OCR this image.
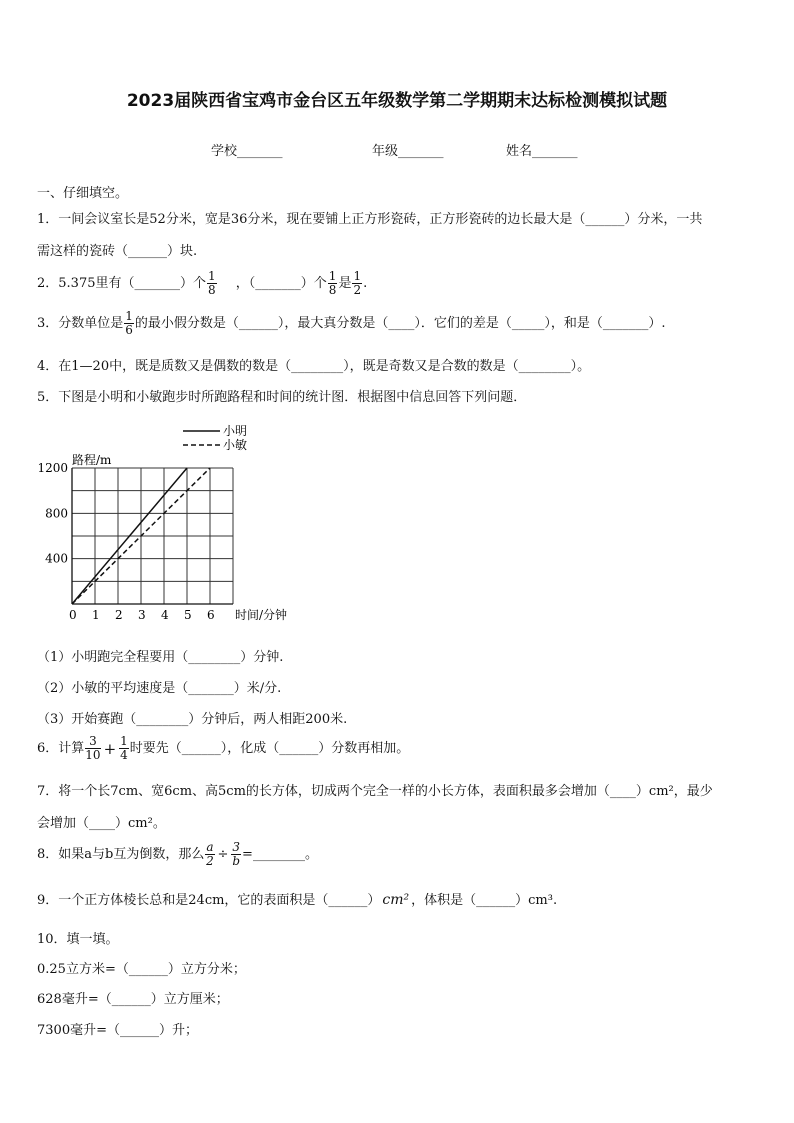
2023届陕西省宝鸡市金台区五年级数学第二学期期末达标检测模拟试题
学校_______	年级_______	姓名_______
一、仔细填空。
1．一间会议室长是52分米，宽是36分米，现在要铺上正方形瓷砖，正方形瓷砖的边长最大是（______）分米，一共
需这样的瓷砖（______）块.
2．5.375里有（_______）个 $\frac{1}{8}$ ，（_______）个 $\frac{1}{8}$ 是 $\frac{1}{2}$ .
3．分数单位是 $\frac{1}{6}$ 的最小假分数是（______），最大真分数是（____）．它们的差是（_____），和是（_______）.
4．在1—20中，既是质数又是偶数的数是（________），既是奇数又是合数的数是（________）。
5．下图是小明和小敏跑步时所跑路程和时间的统计图．根据图中信息回答下列问题．
0 1 2 3 4 5 6
400
800
1200
小明
小敏
路程/m
时间/分钟
（1）小明跑完全程要用（________）分钟.
（2）小敏的平均速度是（_______）米/分.
（3）开始赛跑（________）分钟后，两人相距200米.
6．计算 $\frac{3}{10} + \frac{1}{4}$ 时要先（______），化成（______）分数再相加。
7．将一个长7cm、宽6cm、高5cm的长方体，切成两个完全一样的小长方体，表面积最多会增加（____）cm²，最少
会增加（____）cm²。
8．如果a与b互为倒数，那么 $\frac{a}{2} \div \frac{3}{b}$ =________。
9．一个正方体棱长总和是24cm，它的表面积是（______） cm² ，体积是（______）cm³.
10．填一填。
0.25立方米=（______）立方分米；
628毫升=（______）立方厘米；
7300毫升=（______）升；
